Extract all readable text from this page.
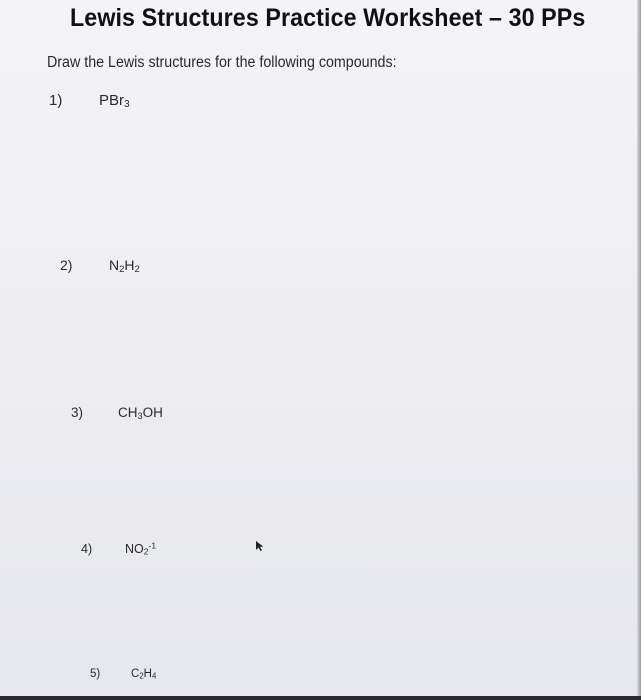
Lewis Structures Practice Worksheet – 30 PPs

Draw the Lewis structures for the following compounds:

1) PBr$_3$
2)	$N_2H_2$
3)	$CH_3OH$
4)	$NO_2^{-1}$
5)	$C_2H_4$
